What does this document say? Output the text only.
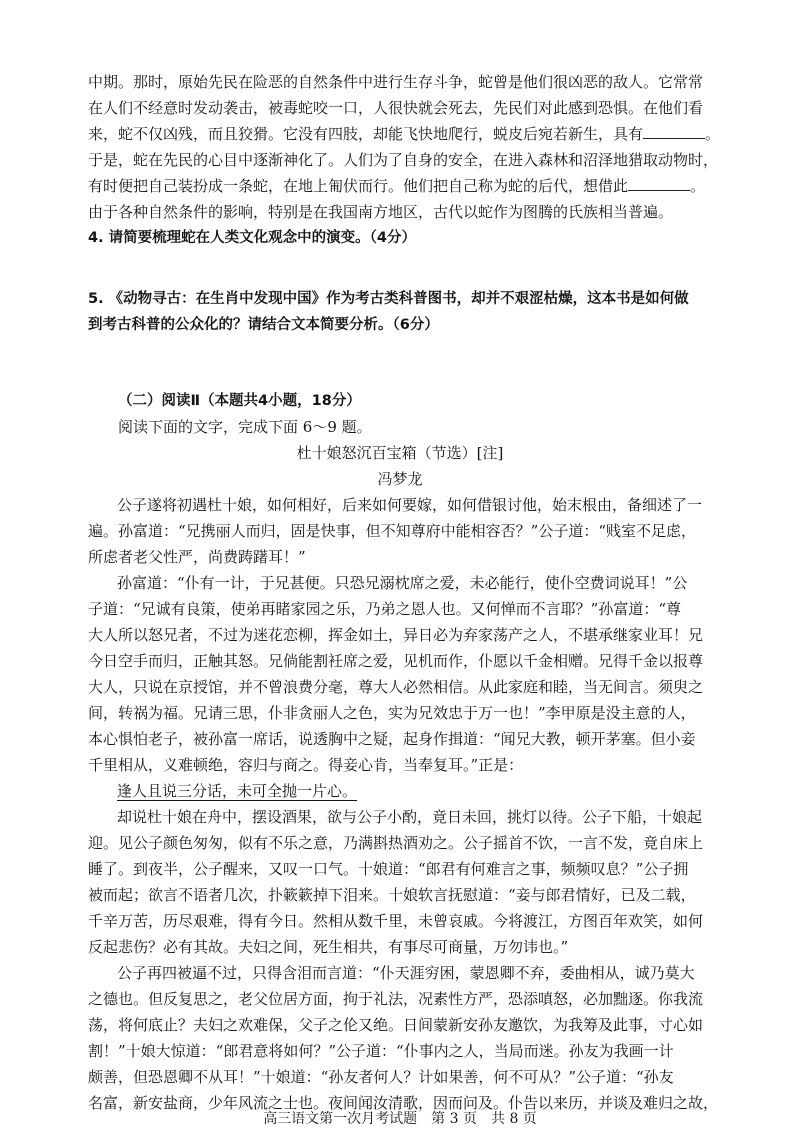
中期。那时，原始先民在险恶的自然条件中进行生存斗争，蛇曾是他们很凶恶的敌人。它常常
在人们不经意时发动袭击，被毒蛇咬一口，人很快就会死去，先民们对此感到恐惧。在他们看
来，蛇不仅凶残，而且狡猾。它没有四肢，却能飞快地爬行，蜕皮后宛若新生，具有	。
于是，蛇在先民的心目中逐渐神化了。人们为了自身的安全，在进入森林和沼泽地猎取动物时，
有时便把自己装扮成一条蛇，在地上匍伏而行。他们把自己称为蛇的后代，想借此	。
由于各种自然条件的影响，特别是在我国南方地区，古代以蛇作为图腾的氏族相当普遍。
4. 请简要梳理蛇在人类文化观念中的演变。（4分）
5. 《动物寻古：在生肖中发现中国》作为考古类科普图书，却并不艰涩枯燥，这本书是如何做
到考古科普的公众化的？请结合文本简要分析。（6分）
（二）阅读Ⅱ（本题共4小题，18分）
阅读下面的文字，完成下面 6～9 题。
杜十娘怒沉百宝箱（节选）[注]
冯梦龙
公子遂将初遇杜十娘，如何相好，后来如何要嫁，如何借银讨他，始末根由，备细述了一
遍。孙富道：“兄携丽人而归，固是快事，但不知尊府中能相容否？”公子道：“贱室不足虑，
所虑者老父性严，尚费踌躇耳！”
孙富道：“仆有一计，于兄甚便。只恐兄溺枕席之爱，未必能行，使仆空费词说耳！”公
子道：“兄诚有良策，使弟再睹家园之乐，乃弟之恩人也。又何惮而不言耶？”孙富道：“尊
大人所以怒兄者，不过为迷花恋柳，挥金如土，异日必为弃家荡产之人，不堪承继家业耳！兄
今日空手而归，正触其怒。兄倘能割衽席之爱，见机而作，仆愿以千金相赠。兄得千金以报尊
大人，只说在京授馆，并不曾浪费分毫，尊大人必然相信。从此家庭和睦，当无间言。须臾之
间，转祸为福。兄请三思，仆非贪丽人之色，实为兄效忠于万一也！”李甲原是没主意的人，
本心惧怕老子，被孙富一席话，说透胸中之疑，起身作揖道：“闻兄大教，顿开茅塞。但小妾
千里相从，义难顿绝，容归与商之。得妾心肯，当奉复耳。”正是：
逢人且说三分话，未可全抛一片心。
却说杜十娘在舟中，摆设酒果，欲与公子小酌，竟日未回，挑灯以待。公子下船，十娘起
迎。见公子颜色匆匆，似有不乐之意，乃满斟热酒劝之。公子摇首不饮，一言不发，竟自床上
睡了。到夜半，公子醒来，又叹一口气。十娘道：“郎君有何难言之事，频频叹息？”公子拥
被而起；欲言不语者几次，扑簌簌掉下泪来。十娘软言抚慰道：“妾与郎君情好，已及二载，
千辛万苦，历尽艰难，得有今日。然相从数千里，未曾哀戚。今将渡江，方图百年欢笑，如何
反起悲伤？必有其故。夫妇之间，死生相共，有事尽可商量，万勿讳也。”
公子再四被逼不过，只得含泪而言道：“仆天涯穷困，蒙恩卿不弃，委曲相从，诚乃莫大
之德也。但反复思之，老父位居方面，拘于礼法，况素性方严，恐添嗔怒，必加黜逐。你我流
荡，将何底止？夫妇之欢难保，父子之伦又绝。日间蒙新安孙友邀饮，为我筹及此事，寸心如
割！”十娘大惊道：“郎君意将如何？”公子道：“仆事内之人，当局而迷。孙友为我画一计
颇善，但恐恩卿不从耳！”十娘道：“孙友者何人？计如果善，何不可从？”公子道：“孙友
名富，新安盐商，少年风流之士也。夜间闻汝清歌，因而问及。仆告以来历，并谈及难归之故，
高三语文第一次月考试题　第 3 页　共 8 页
